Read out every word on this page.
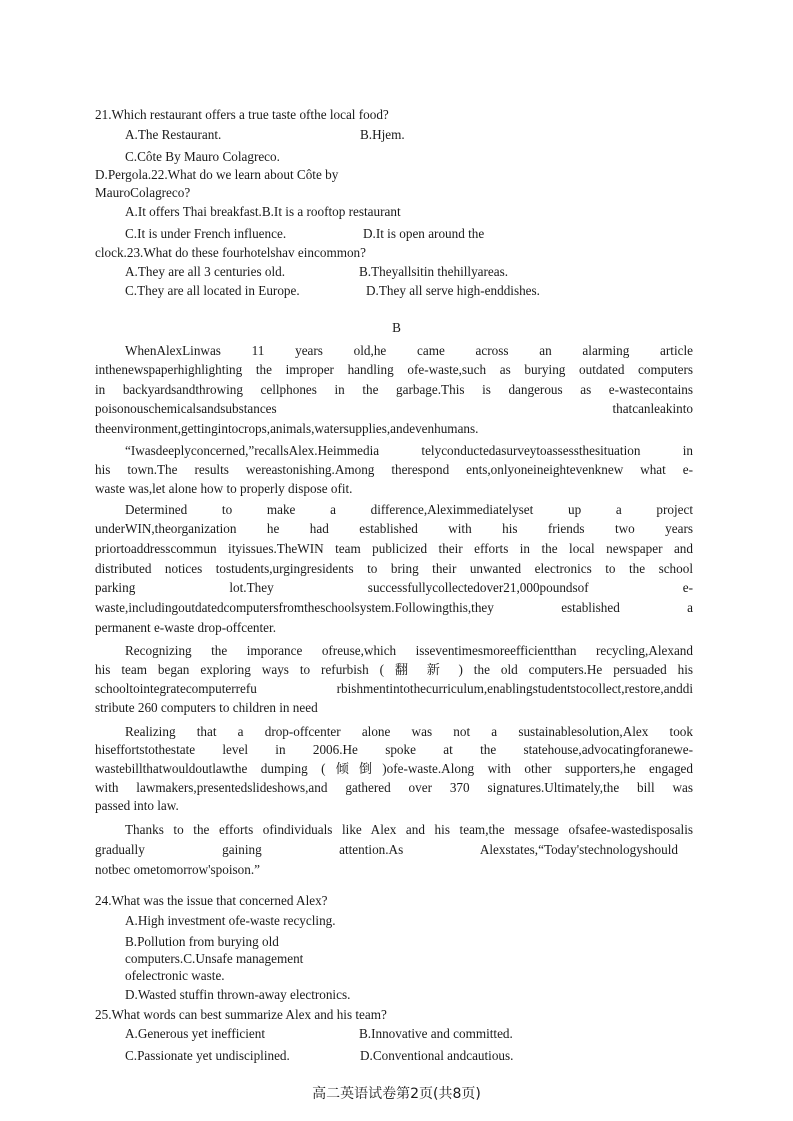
21.Which restaurant offers a true taste ofthe local food?
A.The Restaurant.	B.Hjem.
C.Côte By Mauro Colagreco.
D.Pergola.22.What do we learn about Côte by
MauroColagreco?
A.It offers Thai breakfast.B.It is a rooftop restaurant
C.It is under French influence.	D.It is open around the
clock.23.What do these fourhotelshav eincommon?
A.They are all 3 centuries old.	B.Theyallsitin thehillyareas.
C.They are all located in Europe.	D.They all serve high-enddishes.
B
WhenAlexLinwas 11 years old,he came across an alarming article
inthenewspaperhighlighting the improper handling ofe-waste,such as burying outdated computers
in backyardsandthrowing cellphones in the garbage.This is dangerous as e-wastecontains
poisonouschemicalsandsubstances thatcanleakinto
theenvironment,gettingintocrops,animals,watersupplies,andevenhumans.
“Iwasdeeplyconcerned,”recallsAlex.Heimmedia telyconductedasurveytoassessthesituation in
his town.The results wereastonishing.Among therespond ents,onlyoneineightevenknew what e-
waste was,let alone how to properly dispose ofit.
Determined to make a difference,Aleximmediatelyset up a project
underWIN,theorganization he had established with his friends two years
priortoaddresscommun ityissues.TheWIN team publicized their efforts in the local newspaper and
distributed notices tostudents,urgingresidents to bring their unwanted electronics to the school
parking lot.They successfullycollectedover21,000poundsof e-
waste,includingoutdatedcomputersfromtheschoolsystem.Followingthis,they established a
permanent e-waste drop-offcenter.
Recognizing the imporance ofreuse,which isseventimesmoreefficientthan recycling,Alexand
his team began exploring ways to refurbish ( 翻 新 ) the old computers.He persuaded his
schooltointegratecomputerrefu rbishmentintothecurriculum,enablingstudentstocollect,restore,anddi
stribute 260 computers to children in need
Realizing that a drop-offcenter alone was not a sustainablesolution,Alex took
hiseffortstothestate level in 2006.He spoke at the statehouse,advocatingforanewe-
wastebillthatwouldoutlawthe dumping (倾倒)ofe-waste.Along with other supporters,he engaged
with lawmakers,presentedslideshows,and gathered over 370 signatures.Ultimately,the bill was
passed into law.
Thanks to the efforts ofindividuals like Alex and his team,the message ofsafee-wastedisposalis
gradually gaining attention.As Alexstates,“Today'stechnologyshould
notbec ometomorrow'spoison.”
24.What was the issue that concerned Alex?
A.High investment ofe-waste recycling.
B.Pollution from burying old
computers.C.Unsafe management
ofelectronic waste.
D.Wasted stuffin thrown-away electronics.
25.What words can best summarize Alex and his team?
A.Generous yet inefficient	B.Innovative and committed.
C.Passionate yet undisciplined.	D.Conventional andcautious.
高二英语试卷第2页(共8页)
